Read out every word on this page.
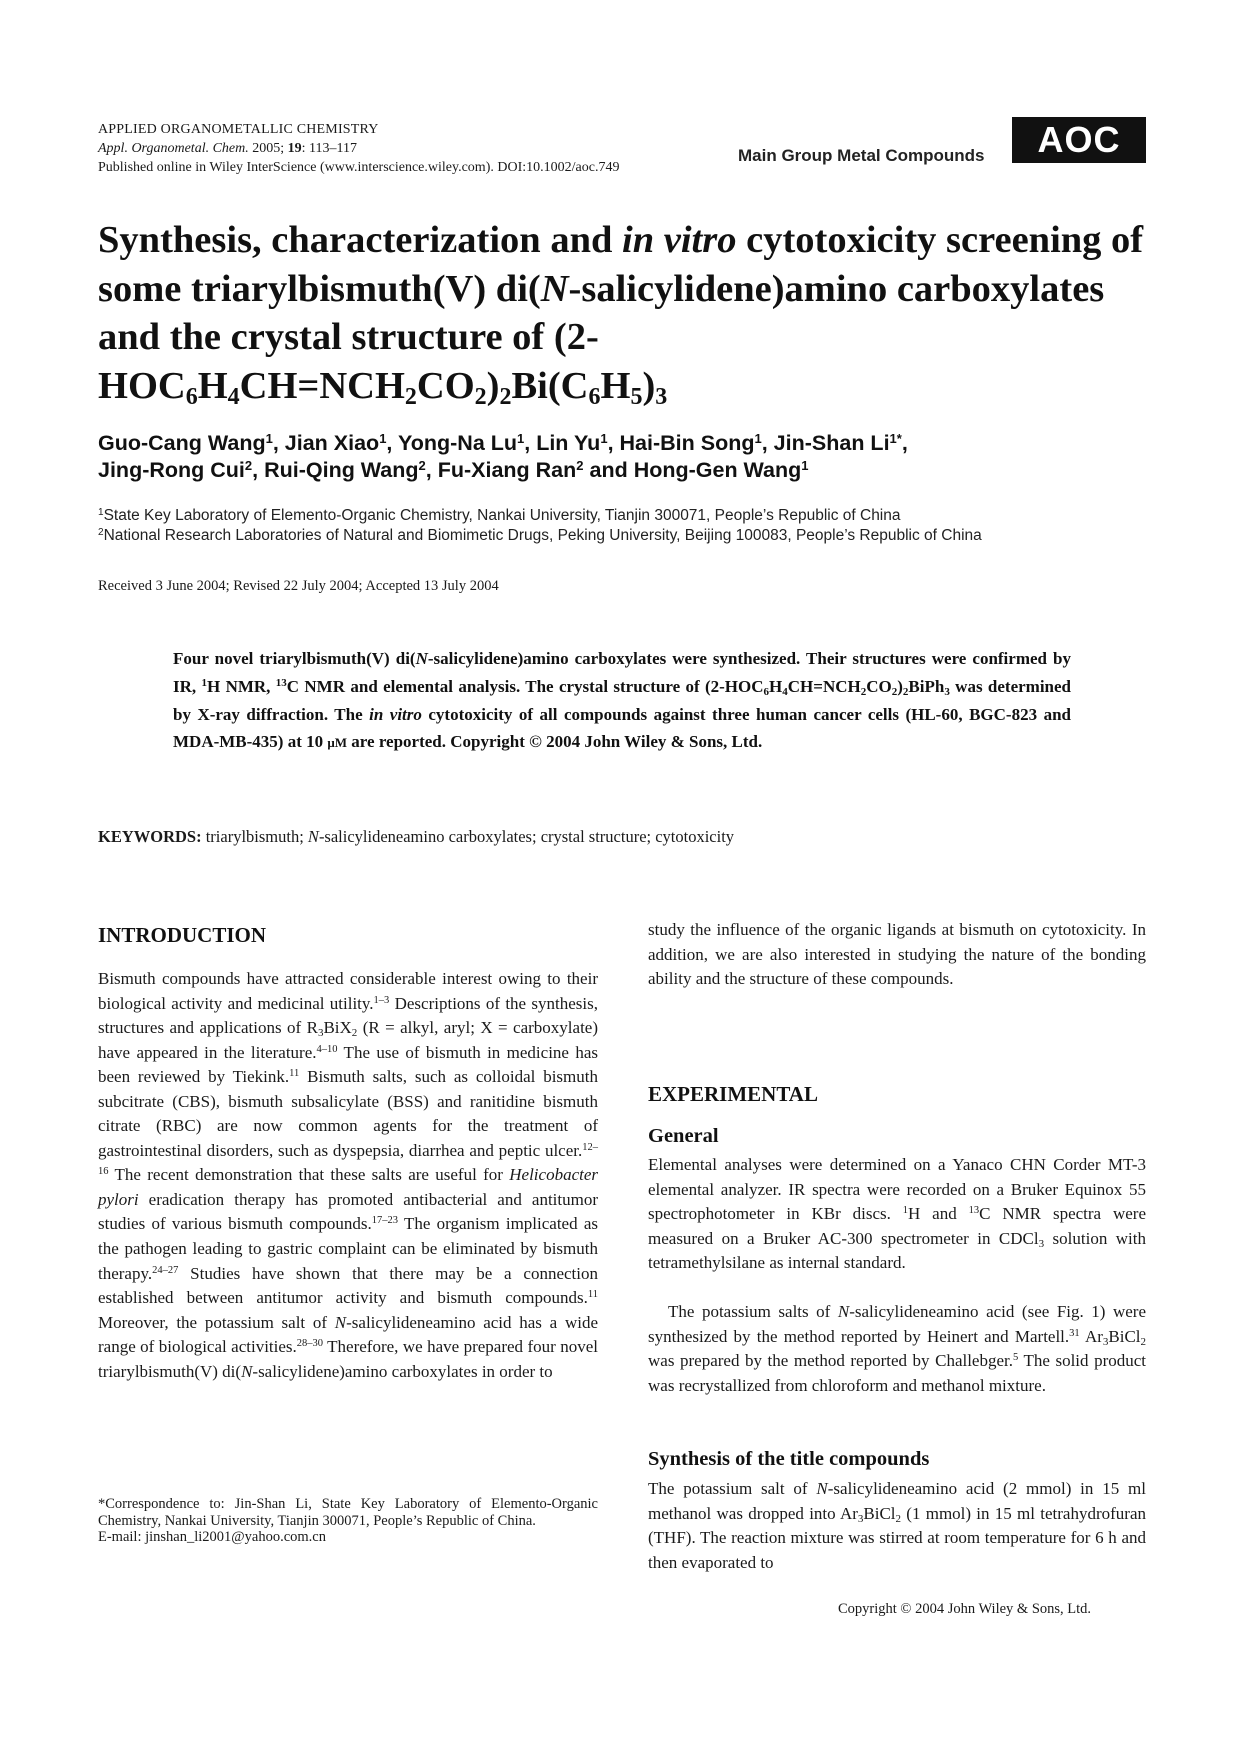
APPLIED ORGANOMETALLIC CHEMISTRY
Appl. Organometal. Chem. 2005; 19: 113–117
Published online in Wiley InterScience (www.interscience.wiley.com). DOI:10.1002/aoc.749
Main Group Metal Compounds AOC
Synthesis, characterization and in vitro cytotoxicity screening of some triarylbismuth(V) di(N-salicylidene)amino carboxylates and the crystal structure of $(2-HOC_6H_4CH=NCH_2CO_2)_2Bi(C_6H_5)_3$
Guo-Cang Wang$^1$, Jian Xiao$^1$, Yong-Na Lu$^1$, Lin Yu$^1$, Hai-Bin Song$^1$, Jin-Shan $Li^{1*}$,
Jing-Rong Cui$^2$, Rui-Qing Wang$^2$, Fu-Xiang Ran$^2$ and Hong-Gen Wang$^1$
$^1$State Key Laboratory of Elemento-Organic Chemistry, Nankai University, Tianjin 300071, People’s Republic of China
$^2$National Research Laboratories of Natural and Biomimetic Drugs, Peking University, Beijing 100083, People’s Republic of China
Received 3 June 2004; Revised 22 July 2004; Accepted 13 July 2004
Four novel triarylbismuth(V) di(N-salicylidene)amino carboxylates were synthesized. Their structures were confirmed by IR, $^1$H NMR, $^{13}$C NMR and elemental analysis. The crystal structure of $(2-HOC_6H_4CH=NCH_2CO_2)_2BiPh_3$ was determined by X-ray diffraction. The in vitro cytotoxicity of all compounds against three human cancer cells (HL-60, BGC-823 and MDA-MB-435) at 10 μM are reported. Copyright © 2004 John Wiley & Sons, Ltd.
KEYWORDS: triarylbismuth; N-salicylideneamino carboxylates; crystal structure; cytotoxicity
INTRODUCTION
Bismuth compounds have attracted considerable interest owing to their biological activity and medicinal utility.$^{1-3}$ Descriptions of the synthesis, structures and applications of $R_3BiX_2$ (R = alkyl, aryl; X = carboxylate) have appeared in the literature.$^{4-10}$ The use of bismuth in medicine has been reviewed by Tiekink.$^{11}$ Bismuth salts, such as colloidal bismuth subcitrate (CBS), bismuth subsalicylate (BSS) and ranitidine bismuth citrate (RBC) are now common agents for the treatment of gastrointestinal disorders, such as dyspepsia, diarrhea and peptic ulcer.$^{12-16}$ The recent demonstration that these salts are useful for Helicobacter pylori eradication therapy has promoted antibacterial and antitumor studies of various bismuth compounds.$^{17-23}$ The organism implicated as the pathogen leading to gastric complaint can be eliminated by bismuth therapy.$^{24-27}$ Studies have shown that there may be a connection established between antitumor activity and bismuth compounds.$^{11}$ Moreover, the potassium salt of N-salicylideneamino acid has a wide range of biological activities.$^{28-30}$ Therefore, we have prepared four novel triarylbismuth(V) di(N-salicylidene)amino carboxylates in order to
*Correspondence to: Jin-Shan Li, State Key Laboratory of Elemento-Organic Chemistry, Nankai University, Tianjin 300071, People’s Republic of China.
E-mail: jinshan_li2001@yahoo.com.cn
study the influence of the organic ligands at bismuth on cytotoxicity. In addition, we are also interested in studying the nature of the bonding ability and the structure of these compounds.
EXPERIMENTAL
General
Elemental analyses were determined on a Yanaco CHN Corder MT-3 elemental analyzer. IR spectra were recorded on a Bruker Equinox 55 spectrophotometer in KBr discs. $^1$H and $^{13}$C NMR spectra were measured on a Bruker AC-300 spectrometer in CDCl$_3$ solution with tetramethylsilane as internal standard.
The potassium salts of N-salicylideneamino acid (see Fig. 1) were synthesized by the method reported by Heinert and Martell.$^{31}$ $Ar_3BiCl_2$ was prepared by the method reported by Challebger.$^5$ The solid product was recrystallized from chloroform and methanol mixture.
Synthesis of the title compounds
The potassium salt of N-salicylideneamino acid (2 mmol) in 15 ml methanol was dropped into $Ar_3BiCl_2$ (1 mmol) in 15 ml tetrahydrofuran (THF). The reaction mixture was stirred at room temperature for 6 h and then evaporated to
Copyright © 2004 John Wiley & Sons, Ltd.
